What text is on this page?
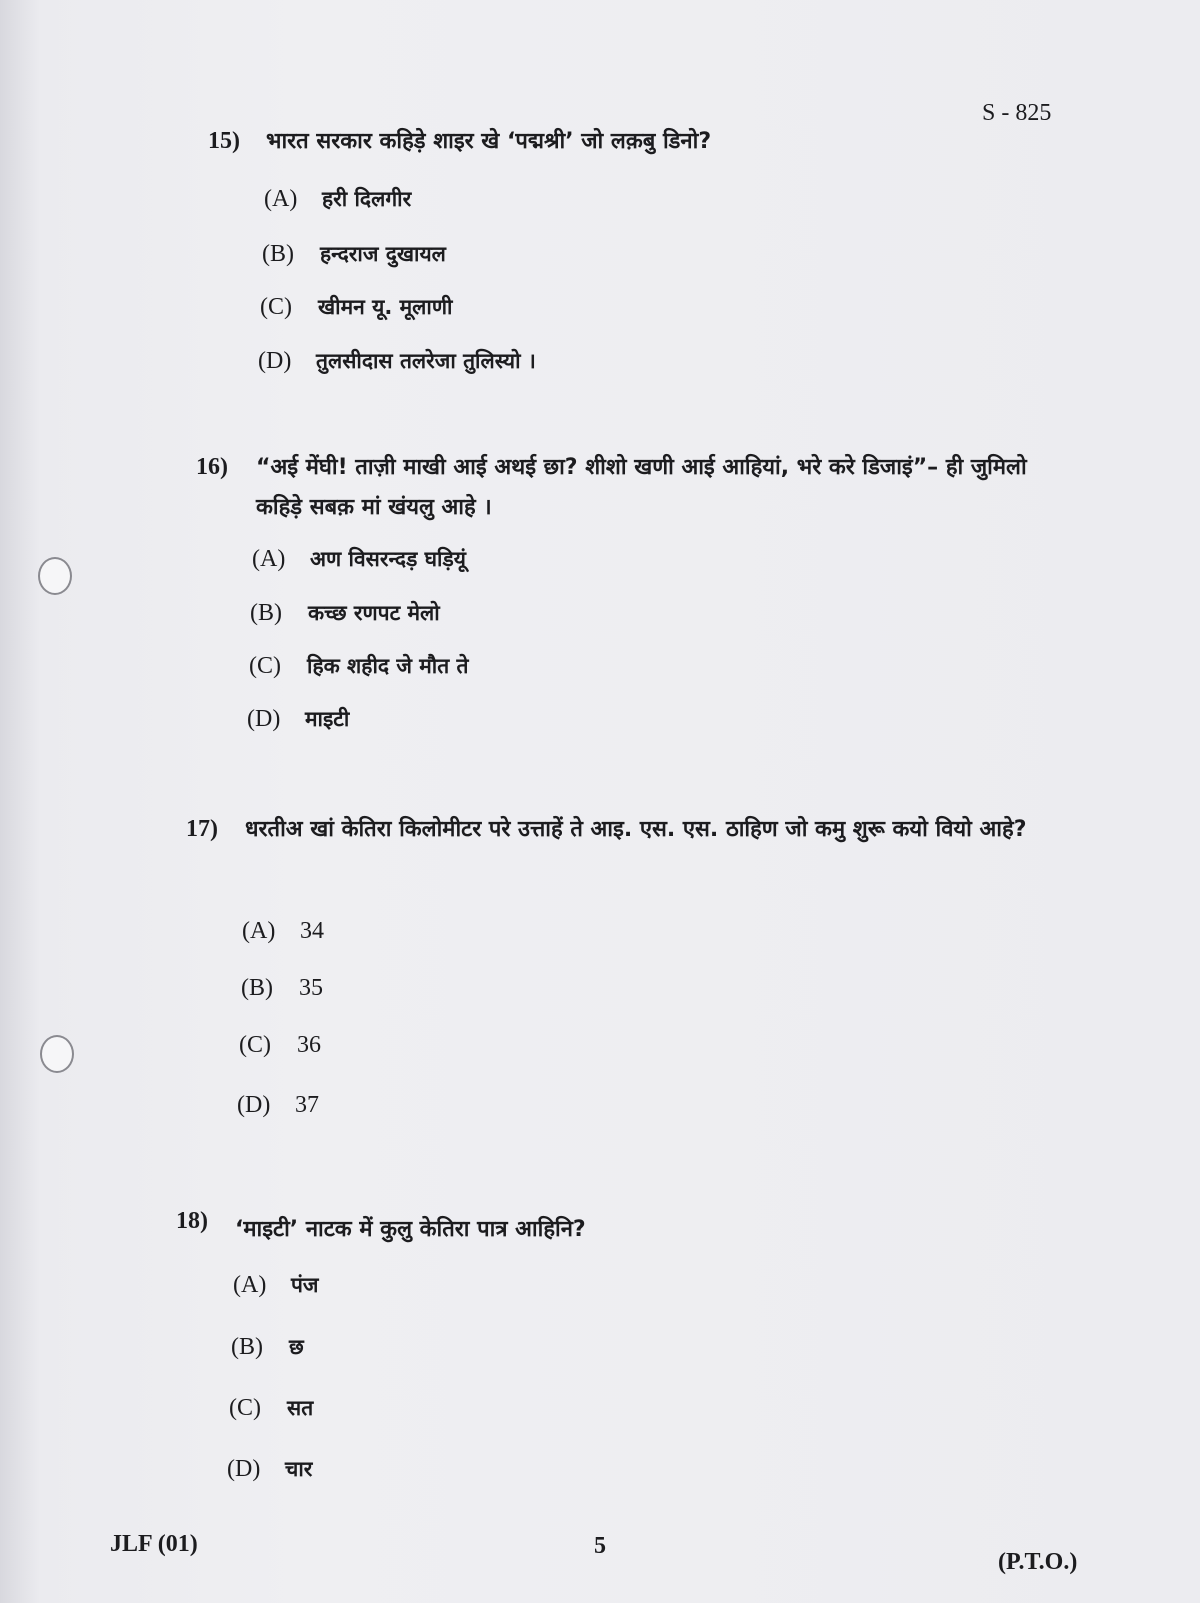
S - 825
15) भारत सरकार कहिड़े शाइर खे ‘पद्मश्री’ जो लक़बु डिनो?
(A) हरी दिलगीर
(B) हन्दराज दुखायल
(C) खीमन यू. मूलाणी
(D) तुलसीदास तलरेजा तुलिस्यो ।
16) “अई मेंघी! ताज़ी माखी आई अथई छा? शीशो खणी आई आहियां, भरे करे डिजाइं”– ही जुमिलो कहिड़े सबक़ मां खंयलु आहे ।
(A) अण विसरन्दड़ घड़ियूं
(B) कच्छ रणपट मेलो
(C) हिक शहीद जे मौत ते
(D) माइटी
17) धरतीअ खां केतिरा किलोमीटर परे उत्ताहें ते आइ. एस. एस. ठाहिण जो कमु शुरू कयो वियो आहे?
(A) 34
(B) 35
(C) 36
(D) 37
18) ‘माइटी’ नाटक में कुलु केतिरा पात्र आहिनि?
(A) पंज
(B) छ
(C) सत
(D) चार
JLF (01)	5
(P.T.O.)
